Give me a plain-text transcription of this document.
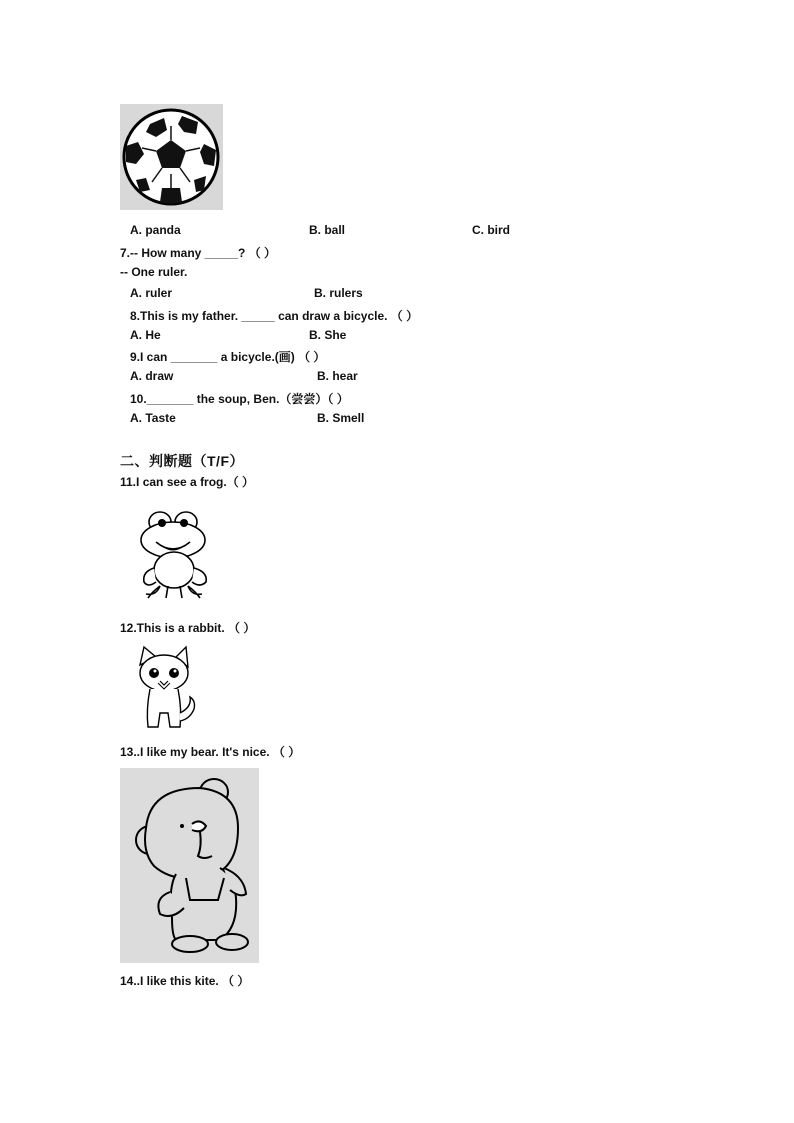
A. panda	B. ball	C. bird
7.-- How many _____? （ ）
-- One ruler.
A. ruler	B. rulers
8.This is my father. _____ can draw a bicycle. （ ）
A. He	B. She
9.I can _______ a bicycle.(画) （ ）
A. draw	B. hear
10._______ the soup, Ben.（尝尝）（ ）
A. Taste	B. Smell
二、判断题（T/F）
11.I can see a frog.（ ）
12.This is a rabbit. （ ）
13..I like my bear. It's nice. （ ）
14..I like this kite. （ ）
